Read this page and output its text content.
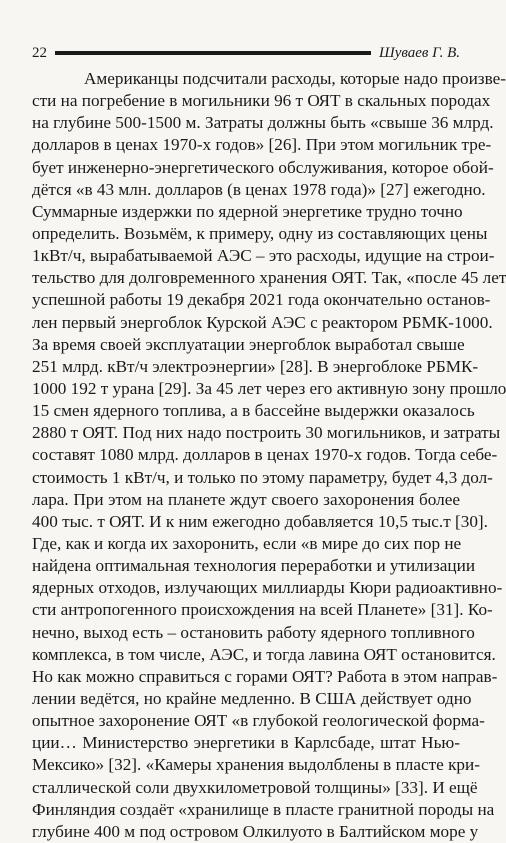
22	Шуваев Г. В.
Американцы подсчитали расходы, которые надо произве-
сти на погребение в могильники 96 т ОЯТ в скальных породах
на глубине 500-1500 м. Затраты должны быть «свыше 36 млрд.
долларов в ценах 1970-х годов» [26]. При этом могильник тре-
бует инженерно-энергетического обслуживания, которое обой-
дётся «в 43 млн. долларов (в ценах 1978 года)» [27] ежегодно.
Суммарные издержки по ядерной энергетике трудно точно
определить. Возьмём, к примеру, одну из составляющих цены
1кВт/ч, вырабатываемой АЭС – это расходы, идущие на строи-
тельство для долговременного хранения ОЯТ. Так, «после 45 лет
успешной работы 19 декабря 2021 года окончательно останов-
лен первый энергоблок Курской АЭС с реактором РБМК-1000.
За время своей эксплуатации энергоблок выработал свыше
251 млрд. кВт/ч электроэнергии» [28]. В энергоблоке РБМК-
1000 192 т урана [29]. За 45 лет через его активную зону прошло
15 смен ядерного топлива, а в бассейне выдержки оказалось
2880 т ОЯТ. Под них надо построить 30 могильников, и затраты
составят 1080 млрд. долларов в ценах 1970-х годов. Тогда себе-
стоимость 1 кВт/ч, и только по этому параметру, будет 4,3 дол-
лара. При этом на планете ждут своего захоронения более
400 тыс. т ОЯТ. И к ним ежегодно добавляется 10,5 тыс.т [30].
Где, как и когда их захоронить, если «в мире до сих пор не
найдена оптимальная технология переработки и утилизации
ядерных отходов, излучающих миллиарды Кюри радиоактивно-
сти антропогенного происхождения на всей Планете» [31]. Ко-
нечно, выход есть – остановить работу ядерного топливного
комплекса, в том числе, АЭС, и тогда лавина ОЯТ остановится.
Но как можно справиться с горами ОЯТ? Работа в этом направ-
лении ведётся, но крайне медленно. В США действует одно
опытное захоронение ОЯТ «в глубокой геологической форма-
ции… Министерство энергетики в Карлсбаде, штат Нью-
Мексико» [32]. «Камеры хранения выдолблены в пласте кри-
сталлической соли двухкилометровой толщины» [33]. И ещё
Финляндия создаёт «хранилище в пласте гранитной породы на
глубине 400 м под островом Олкилуото в Балтийском море у
